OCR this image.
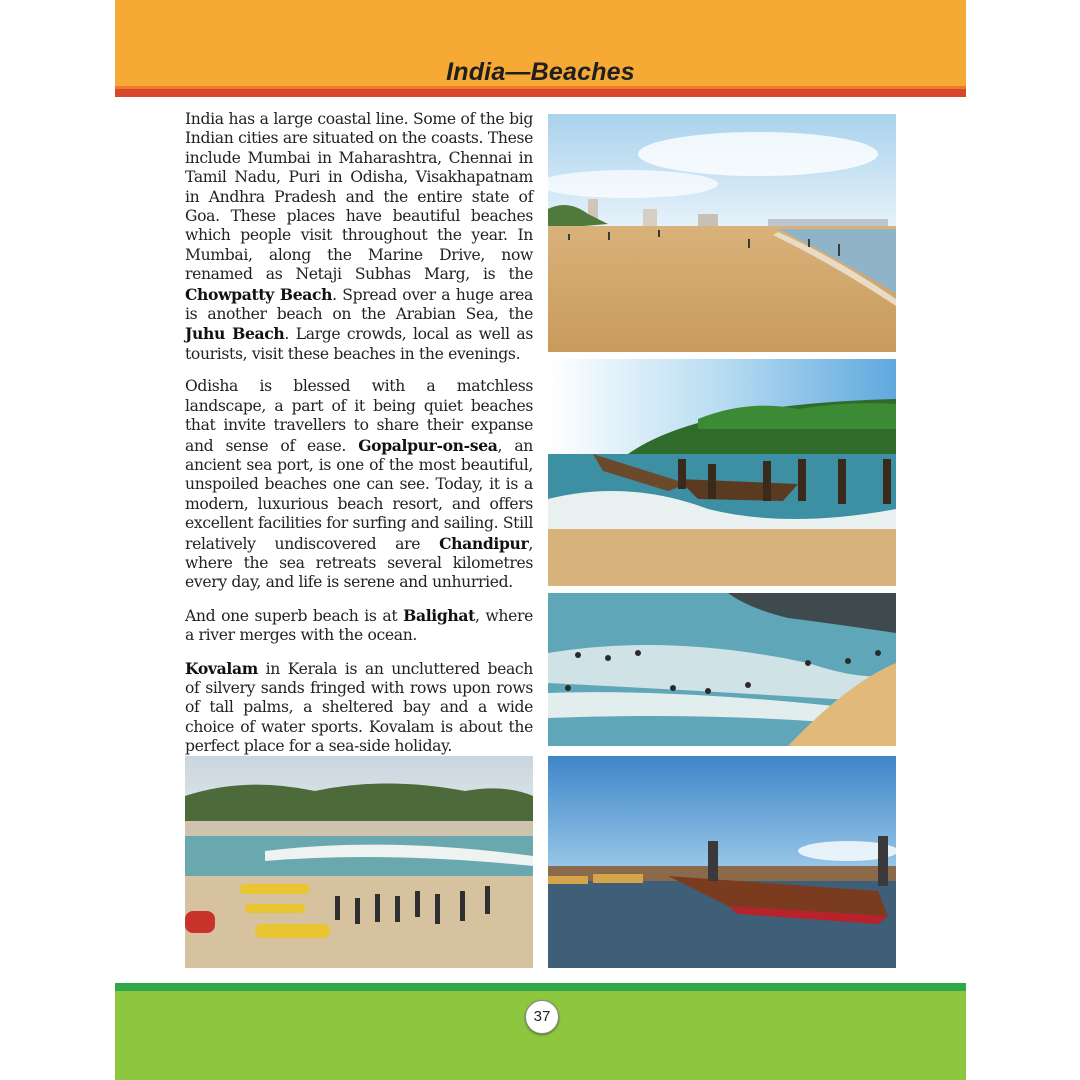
India—Beaches

India has a large coastal line. Some of the big Indian cities are situated on the coasts. These include Mumbai in Maharashtra, Chennai in Tamil Nadu, Puri in Odisha, Visakhapatnam in Andhra Pradesh and the entire state of Goa. These places have beautiful beaches which people visit throughout the year. In Mumbai, along the Marine Drive, now renamed as Netaji Subhas Marg, is the Chowpatty Beach. Spread over a huge area is another beach on the Arabian Sea, the Juhu Beach. Large crowds, local as well as tourists, visit these beaches in the evenings.

Odisha is blessed with a matchless landscape, a part of it being quiet beaches that invite travellers to share their expanse and sense of ease. Gopalpur-on-sea, an ancient sea port, is one of the most beautiful, unspoiled beaches one can see. Today, it is a modern, luxurious beach resort, and offers excellent facilities for surfing and sailing. Still relatively undiscovered are Chandipur, where the sea retreats several kilometres every day, and life is serene and unhurried.

And one superb beach is at Balighat, where a river merges with the ocean.

Kovalam in Kerala is an uncluttered beach of silvery sands fringed with rows upon rows of tall palms, a sheltered bay and a wide choice of water sports. Kovalam is about the perfect place for a sea-side holiday.

37
